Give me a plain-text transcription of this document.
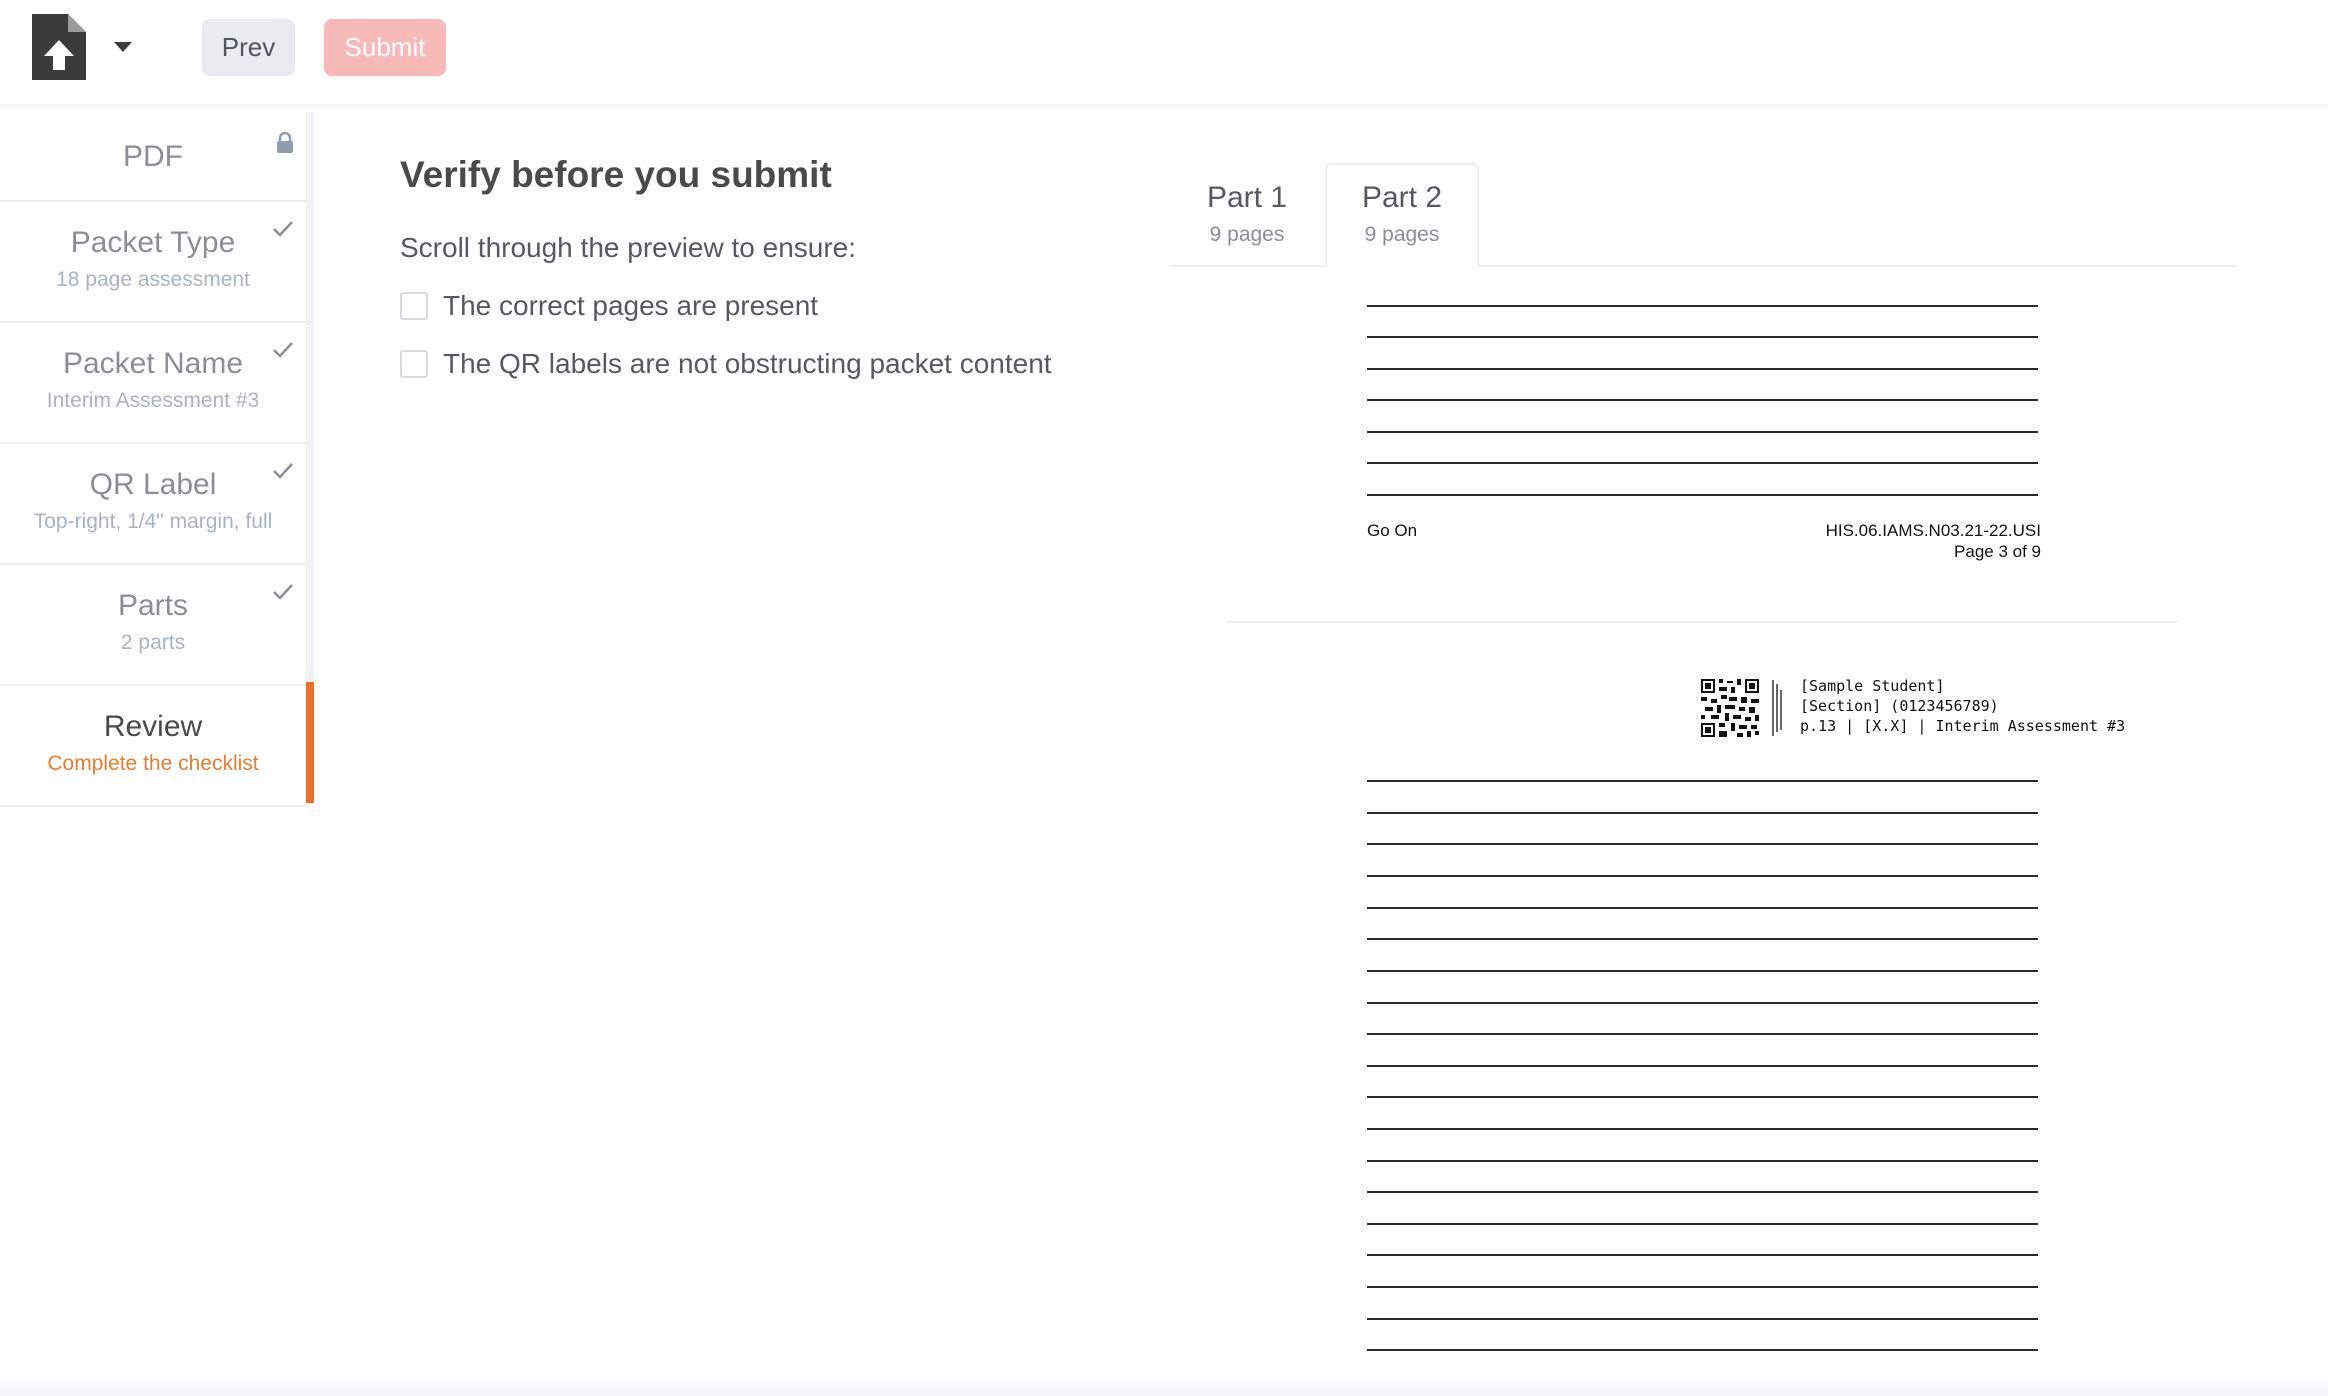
Prev	Submit
PDF
Packet Type
18 page assessment
Packet Name
Interim Assessment #3
QR Label
Top-right, 1/4" margin, full
Parts
2 parts
Review
Complete the checklist
Verify before you submit
Scroll through the preview to ensure:
The correct pages are present
The QR labels are not obstructing packet content
Part 1
9 pages
Part 2
9 pages
Go On	HIS.06.IAMS.N03.21-22.USI
Page 3 of 9
[Sample Student]
[Section] (0123456789)
p.13 | [X.X] | Interim Assessment #3
